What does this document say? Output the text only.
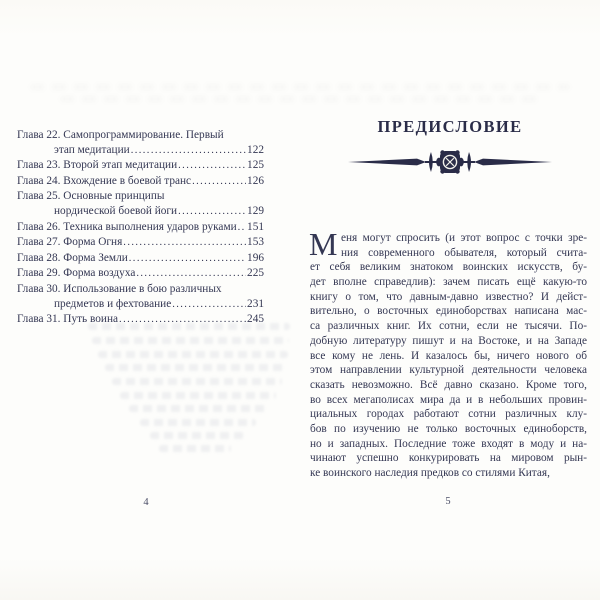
Глава 22. Самопрограммирование. Первый
этап медитации .....	122
Глава 23. Второй этап медитации .....	125
Глава 24. Вхождение в боевой транс .....	126
Глава 25. Основные принципы
нордической боевой йоги .....	129
Глава 26. Техника выполнения ударов руками ..... 151
Глава 27. Форма Огня .....	153
Глава 28. Форма Земли .....	196
Глава 29. Форма воздуха .....	225
Глава 30. Использование в бою различных
предметов и фехтование .....	231
Глава 31. Путь воина .....	245
4
ПРЕДИСЛОВИЕ
М еня могут спросить (и этот вопрос с точки зре-
ния современного обывателя, который счита-
ет себя великим знатоком воинских искусств, бу-
дет вполне справедлив): зачем писать ещё какую-то
книгу о том, что давным-давно известно? И дейст-
вительно, о восточных единоборствах написана мас-
са различных книг. Их сотни, если не тысячи. По-
добную литературу пишут и на Востоке, и на Западе
все кому не лень. И казалось бы, ничего нового об
этом направлении культурной деятельности человека
сказать невозможно. Всё давно сказано. Кроме того,
во всех мегаполисах мира да и в небольших провин-
циальных городах работают сотни различных клу-
бов по изучению не только восточных единоборств,
но и западных. Последние тоже входят в моду и на-
чинают успешно конкурировать на мировом рын-
ке воинского наследия предков со стилями Китая,
5
